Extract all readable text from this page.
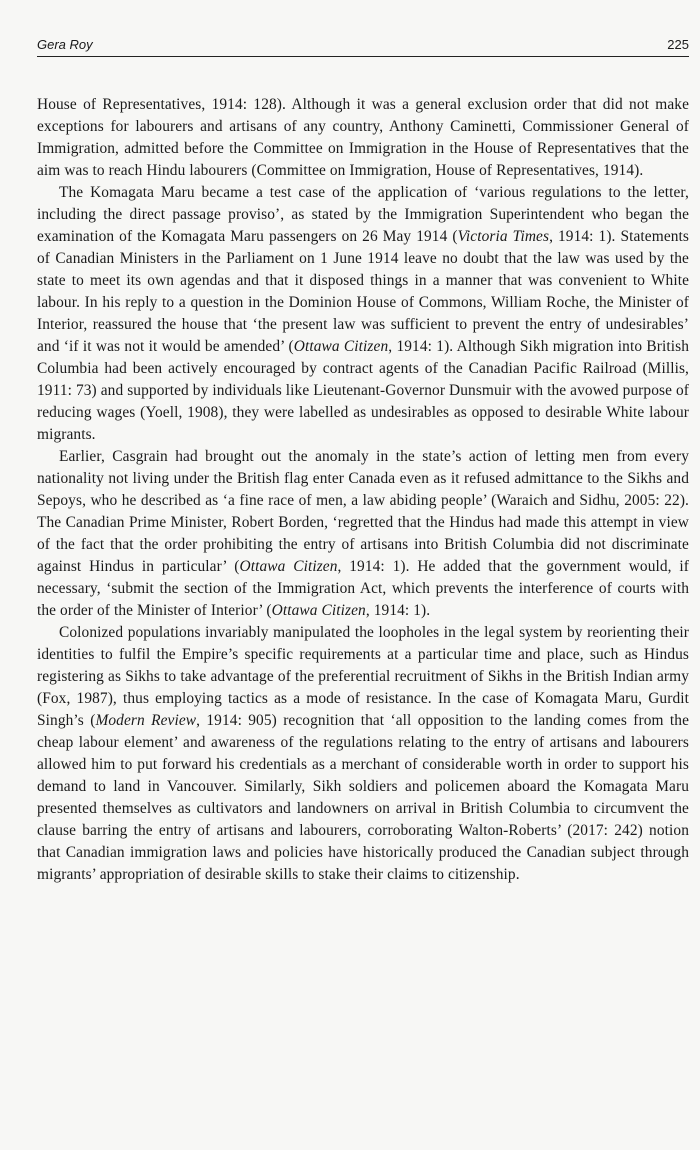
Gera Roy	225

House of Representatives, 1914: 128). Although it was a general exclusion order that did not make exceptions for labourers and artisans of any country, Anthony Caminetti, Commissioner General of Immigration, admitted before the Committee on Immigration in the House of Representatives that the aim was to reach Hindu labourers (Committee on Immigration, House of Representatives, 1914).

The Komagata Maru became a test case of the application of ‘various regulations to the letter, including the direct passage proviso’, as stated by the Immigration Superintendent who began the examination of the Komagata Maru passengers on 26 May 1914 (Victoria Times, 1914: 1). Statements of Canadian Ministers in the Parliament on 1 June 1914 leave no doubt that the law was used by the state to meet its own agendas and that it disposed things in a manner that was convenient to White labour. In his reply to a question in the Dominion House of Commons, William Roche, the Minister of Interior, reassured the house that ‘the present law was sufficient to prevent the entry of undesirables’ and ‘if it was not it would be amended’ (Ottawa Citizen, 1914: 1). Although Sikh migration into British Columbia had been actively encouraged by contract agents of the Canadian Pacific Railroad (Millis, 1911: 73) and supported by individuals like Lieutenant-Governor Dunsmuir with the avowed purpose of reducing wages (Yoell, 1908), they were labelled as undesirables as opposed to desirable White labour migrants.

Earlier, Casgrain had brought out the anomaly in the state’s action of letting men from every nationality not living under the British flag enter Canada even as it refused admittance to the Sikhs and Sepoys, who he described as ‘a fine race of men, a law abiding people’ (Waraich and Sidhu, 2005: 22). The Canadian Prime Minister, Robert Borden, ‘regretted that the Hindus had made this attempt in view of the fact that the order prohibiting the entry of artisans into British Columbia did not discriminate against Hindus in particular’ (Ottawa Citizen, 1914: 1). He added that the government would, if necessary, ‘submit the section of the Immigration Act, which prevents the interference of courts with the order of the Minister of Interior’ (Ottawa Citizen, 1914: 1).

Colonized populations invariably manipulated the loopholes in the legal system by reorienting their identities to fulfil the Empire’s specific requirements at a particular time and place, such as Hindus registering as Sikhs to take advantage of the preferential recruitment of Sikhs in the British Indian army (Fox, 1987), thus employing tactics as a mode of resistance. In the case of Komagata Maru, Gurdit Singh’s (Modern Review, 1914: 905) recognition that ‘all opposition to the landing comes from the cheap labour element’ and awareness of the regulations relating to the entry of artisans and labourers allowed him to put forward his credentials as a merchant of considerable worth in order to support his demand to land in Vancouver. Similarly, Sikh soldiers and policemen aboard the Komagata Maru presented themselves as cultivators and landowners on arrival in British Columbia to circumvent the clause barring the entry of artisans and labourers, corroborating Walton-Roberts’ (2017: 242) notion that Canadian immigration laws and policies have historically produced the Canadian subject through migrants’ appropriation of desirable skills to stake their claims to citizenship.
